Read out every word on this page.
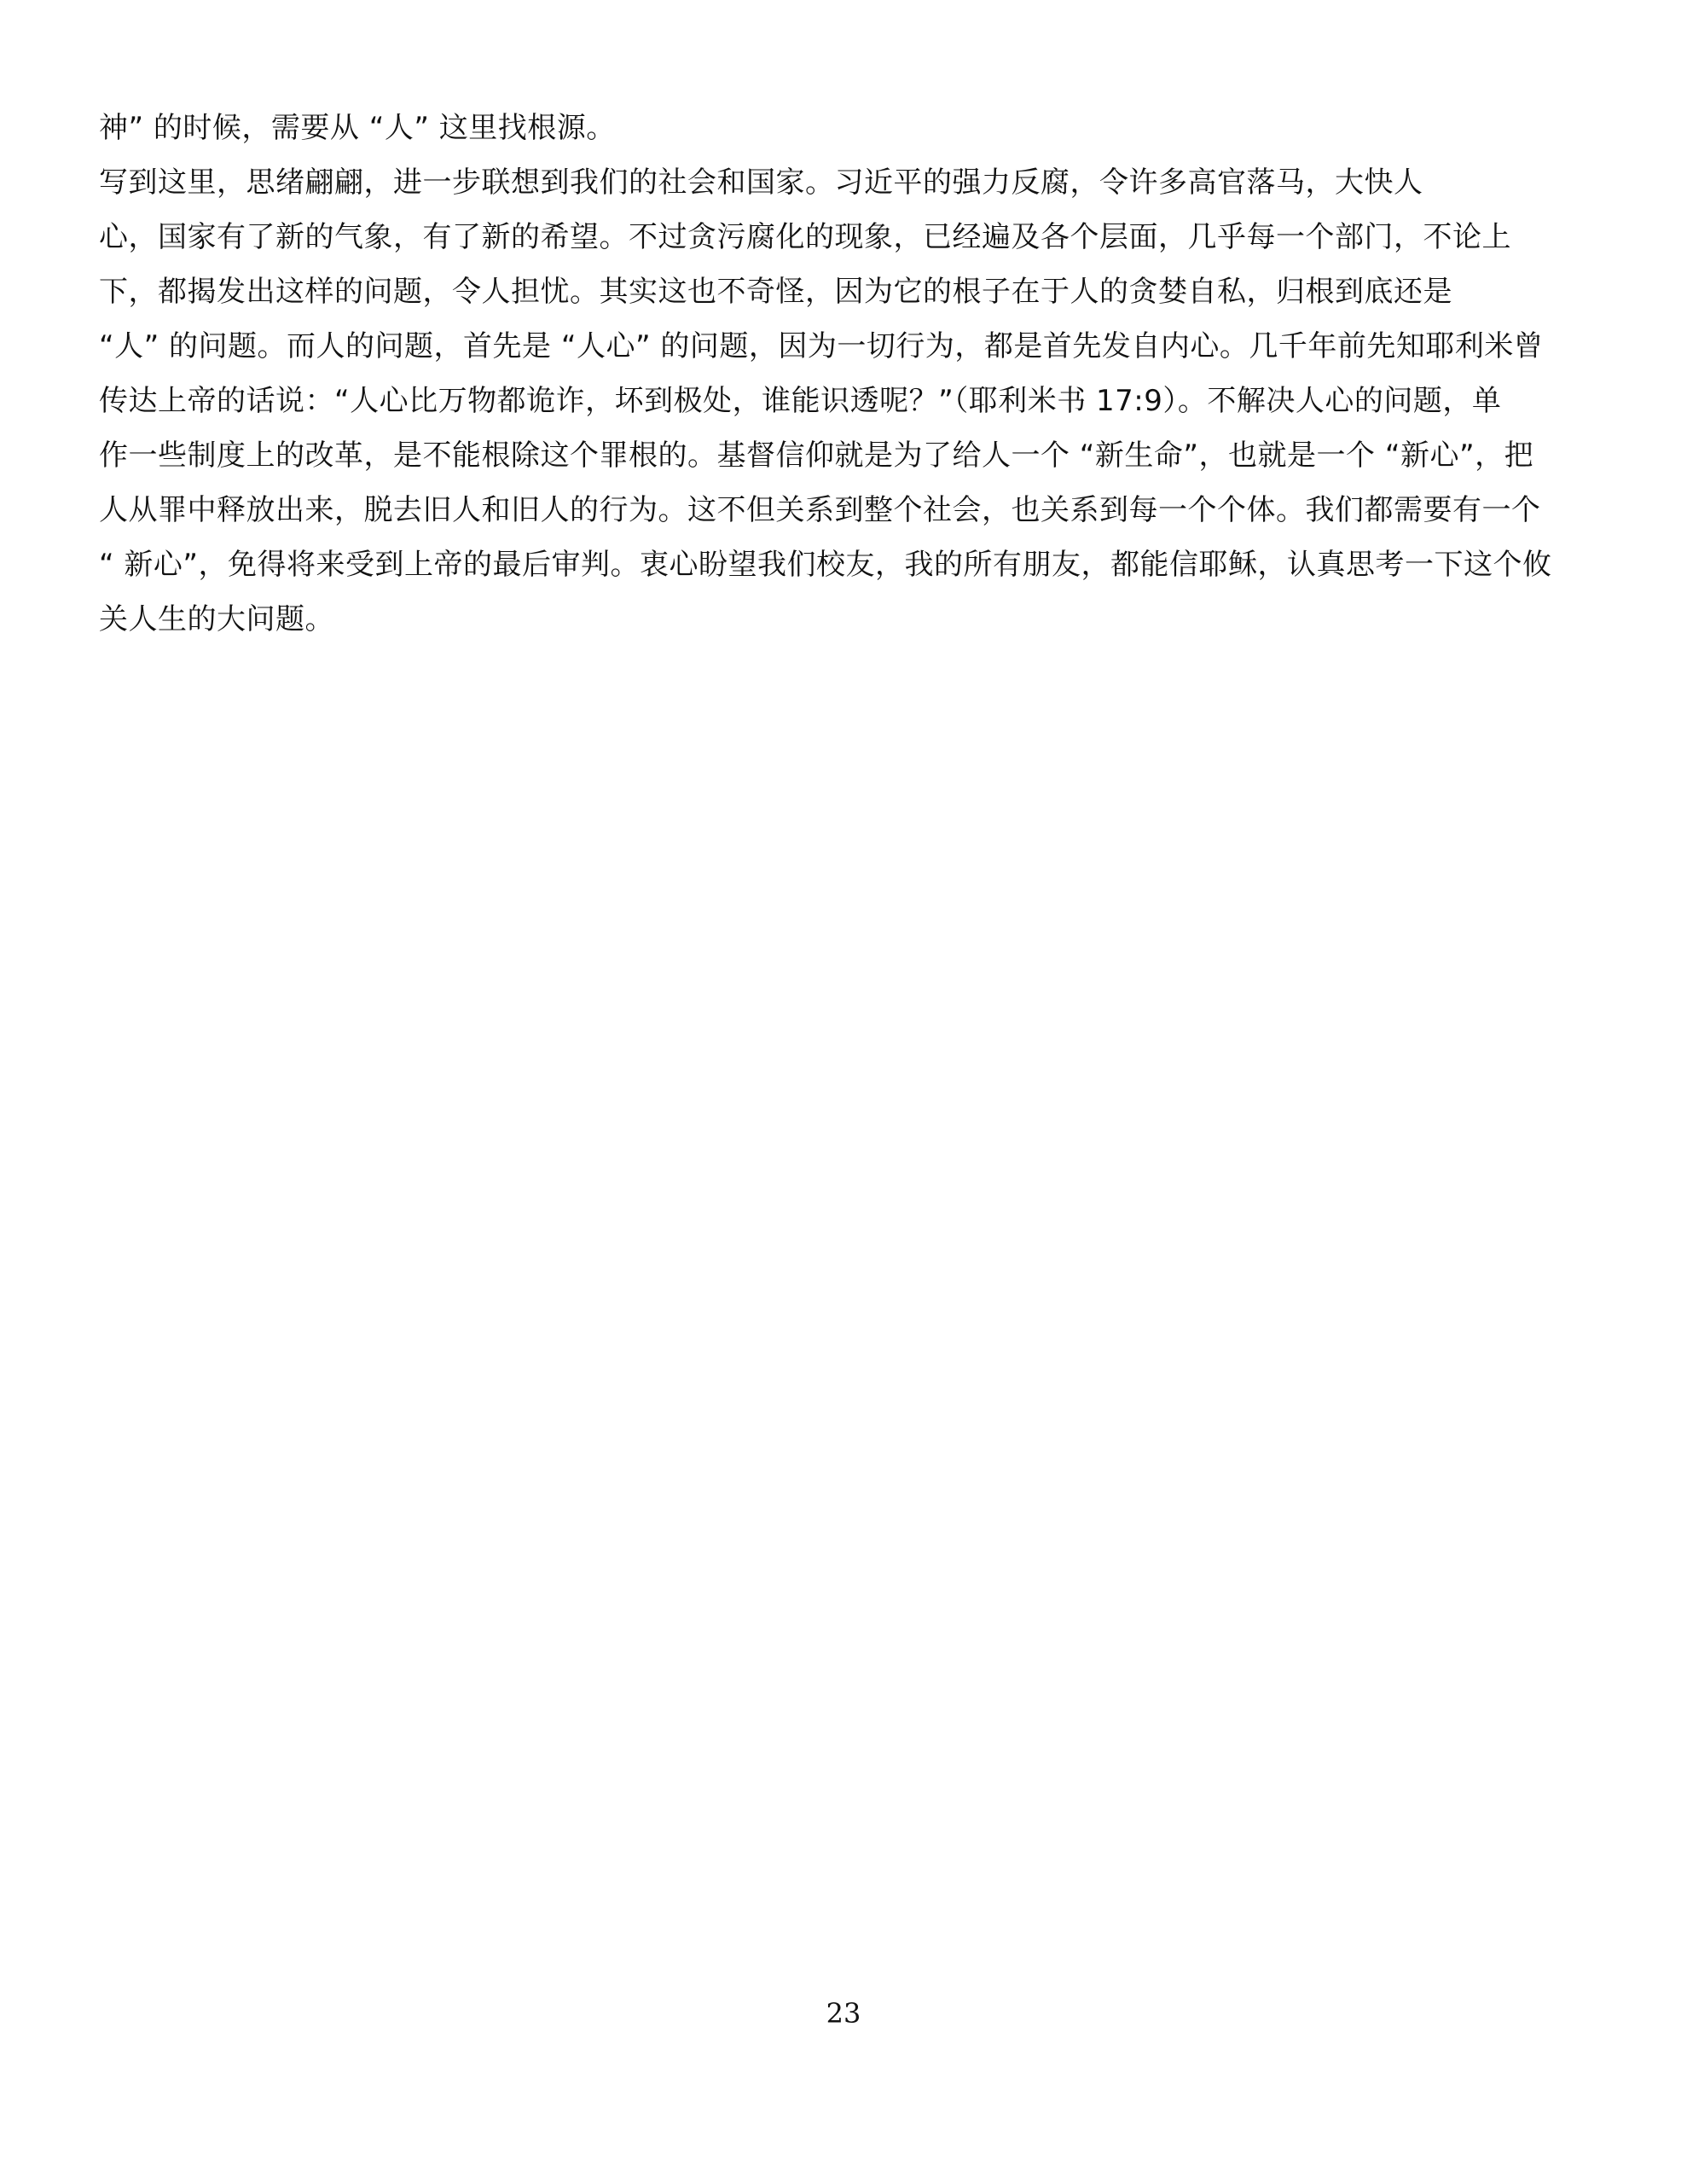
神” 的时候，需要从 “人” 这里找根源。
写到这里，思绪翩翩，进一步联想到我们的社会和国家。习近平的强力反腐，令许多高官落马，大快人
心，国家有了新的气象，有了新的希望。不过贪污腐化的现象，已经遍及各个层面，几乎每一个部门，不论上
下，都揭发出这样的问题，令人担忧。其实这也不奇怪，因为它的根子在于人的贪婪自私，归根到底还是
“人” 的问题。而人的问题，首先是 “人心” 的问题，因为一切行为，都是首先发自内心。几千年前先知耶利米曾
传达上帝的话说：“人心比万物都诡诈，坏到极处，谁能识透呢？”（耶利米书 17:9）。不解决人心的问题，单
作一些制度上的改革，是不能根除这个罪根的。基督信仰就是为了给人一个 “新生命”，也就是一个 “新心”，把
人从罪中释放出来，脱去旧人和旧人的行为。这不但关系到整个社会，也关系到每一个个体。我们都需要有一个
“ 新心”，免得将来受到上帝的最后审判。衷心盼望我们校友，我的所有朋友，都能信耶稣，认真思考一下这个攸
关人生的大问题。
23
